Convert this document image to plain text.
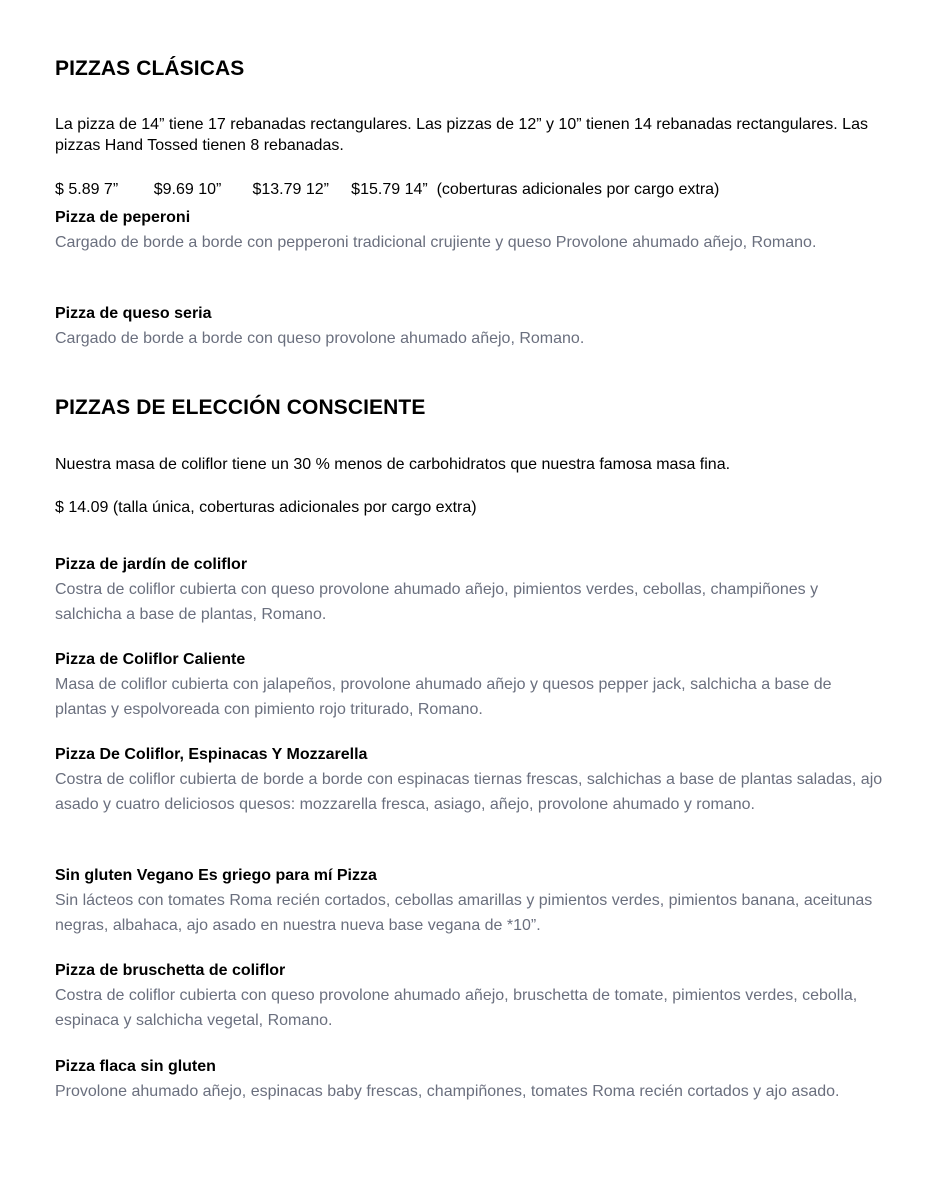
PIZZAS CLÁSICAS

La pizza de 14” tiene 17 rebanadas rectangulares. Las pizzas de 12” y 10” tienen 14 rebanadas rectangulares. Las pizzas Hand Tossed tienen 8 rebanadas.

$ 5.89 7”        $9.69 10”       $13.79 12”     $15.79 14”  (coberturas adicionales por cargo extra)

Pizza de peperoni

Cargado de borde a borde con pepperoni tradicional crujiente y queso Provolone ahumado añejo, Romano.

Pizza de queso seria

Cargado de borde a borde con queso provolone ahumado añejo, Romano.

PIZZAS DE ELECCIÓN CONSCIENTE

Nuestra masa de coliflor tiene un 30 % menos de carbohidratos que nuestra famosa masa fina.

$ 14.09 (talla única, coberturas adicionales por cargo extra)

Pizza de jardín de coliflor

Costra de coliflor cubierta con queso provolone ahumado añejo, pimientos verdes, cebollas, champiñones y salchicha a base de plantas, Romano.

Pizza de Coliflor Caliente

Masa de coliflor cubierta con jalapeños, provolone ahumado añejo y quesos pepper jack, salchicha a base de plantas y espolvoreada con pimiento rojo triturado, Romano.

Pizza De Coliflor, Espinacas Y Mozzarella

Costra de coliflor cubierta de borde a borde con espinacas tiernas frescas, salchichas a base de plantas saladas, ajo asado y cuatro deliciosos quesos: mozzarella fresca, asiago, añejo, provolone ahumado y romano.

Sin gluten Vegano Es griego para mí Pizza

Sin lácteos con tomates Roma recién cortados, cebollas amarillas y pimientos verdes, pimientos banana, aceitunas negras, albahaca, ajo asado en nuestra nueva base vegana de *10”.

Pizza de bruschetta de coliflor

Costra de coliflor cubierta con queso provolone ahumado añejo, bruschetta de tomate, pimientos verdes, cebolla, espinaca y salchicha vegetal, Romano.

Pizza flaca sin gluten

Provolone ahumado añejo, espinacas baby frescas, champiñones, tomates Roma recién cortados y ajo asado.
